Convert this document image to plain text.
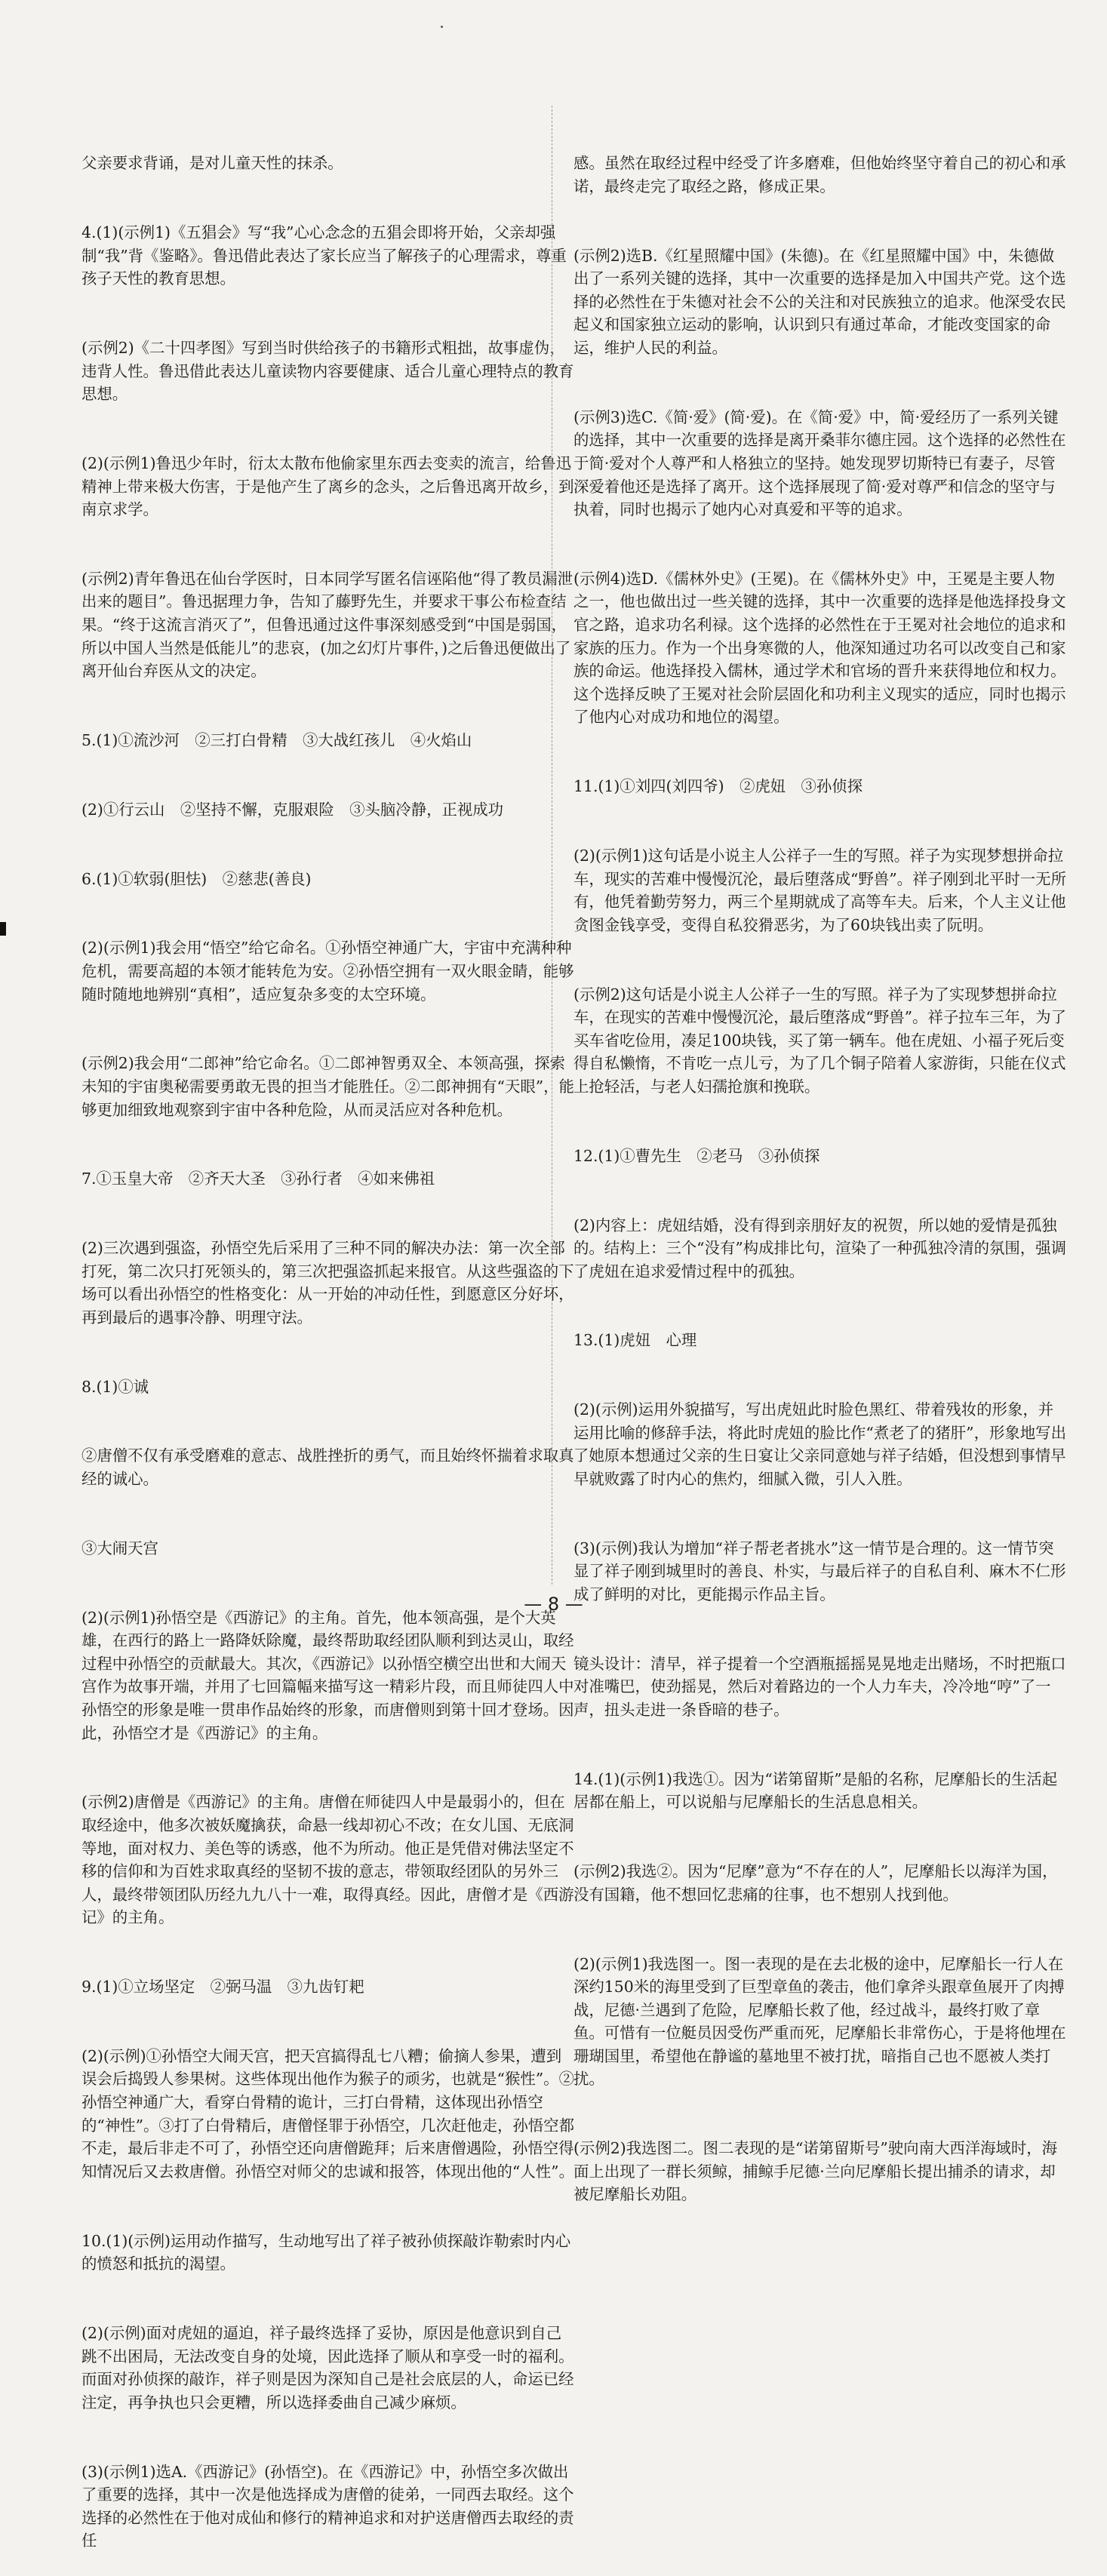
父亲要求背诵，是对儿童天性的抹杀。

4.(1)(示例1)《五猖会》写“我”心心念念的五猖会即将开始，父亲却强制“我”背《鉴略》。鲁迅借此表达了家长应当了解孩子的心理需求，尊重孩子天性的教育思想。

(示例2)《二十四孝图》写到当时供给孩子的书籍形式粗拙，故事虚伪，违背人性。鲁迅借此表达儿童读物内容要健康、适合儿童心理特点的教育思想。

(2)(示例1)鲁迅少年时，衍太太散布他偷家里东西去变卖的流言，给鲁迅精神上带来极大伤害，于是他产生了离乡的念头，之后鲁迅离开故乡，到南京求学。

(示例2)青年鲁迅在仙台学医时，日本同学写匿名信诬陷他“得了教员漏泄出来的题目”。鲁迅据理力争，告知了藤野先生，并要求干事公布检查结果。“终于这流言消灭了”，但鲁迅通过这件事深刻感受到“中国是弱国，所以中国人当然是低能儿”的悲哀，(加之幻灯片事件，)之后鲁迅便做出了离开仙台弃医从文的决定。

5.(1)①流沙河　②三打白骨精　③大战红孩儿　④火焰山

(2)①行云山　②坚持不懈，克服艰险　③头脑冷静，正视成功

6.(1)①软弱(胆怯)　②慈悲(善良)

(2)(示例1)我会用“悟空”给它命名。①孙悟空神通广大，宇宙中充满种种危机，需要高超的本领才能转危为安。②孙悟空拥有一双火眼金睛，能够随时随地地辨别“真相”，适应复杂多变的太空环境。

(示例2)我会用“二郎神”给它命名。①二郎神智勇双全、本领高强，探索未知的宇宙奥秘需要勇敢无畏的担当才能胜任。②二郎神拥有“天眼”，能够更加细致地观察到宇宙中各种危险，从而灵活应对各种危机。

7.①玉皇大帝　②齐天大圣　③孙行者　④如来佛祖

(2)三次遇到强盗，孙悟空先后采用了三种不同的解决办法：第一次全部打死，第二次只打死领头的，第三次把强盗抓起来报官。从这些强盗的下场可以看出孙悟空的性格变化：从一开始的冲动任性，到愿意区分好坏，再到最后的遇事冷静、明理守法。

8.(1)①诚

②唐僧不仅有承受磨难的意志、战胜挫折的勇气，而且始终怀揣着求取真经的诚心。

③大闹天宫

(2)(示例1)孙悟空是《西游记》的主角。首先，他本领高强，是个大英雄，在西行的路上一路降妖除魔，最终帮助取经团队顺利到达灵山，取经过程中孙悟空的贡献最大。其次，《西游记》以孙悟空横空出世和大闹天宫作为故事开端，并用了七回篇幅来描写这一精彩片段，而且师徒四人中孙悟空的形象是唯一贯串作品始终的形象，而唐僧则到第十回才登场。因此，孙悟空才是《西游记》的主角。

(示例2)唐僧是《西游记》的主角。唐僧在师徒四人中是最弱小的，但在取经途中，他多次被妖魔擒获，命悬一线却初心不改；在女儿国、无底洞等地，面对权力、美色等的诱惑，他不为所动。他正是凭借对佛法坚定不移的信仰和为百姓求取真经的坚韧不拔的意志，带领取经团队的另外三人，最终带领团队历经九九八十一难，取得真经。因此，唐僧才是《西游记》的主角。

9.(1)①立场坚定　②弼马温　③九齿钉耙

(2)(示例)①孙悟空大闹天宫，把天宫搞得乱七八糟；偷摘人参果，遭到误会后捣毁人参果树。这些体现出他作为猴子的顽劣，也就是“猴性”。②孙悟空神通广大，看穿白骨精的诡计，三打白骨精，这体现出孙悟空的“神性”。③打了白骨精后，唐僧怪罪于孙悟空，几次赶他走，孙悟空都不走，最后非走不可了，孙悟空还向唐僧跪拜；后来唐僧遇险，孙悟空得知情况后又去救唐僧。孙悟空对师父的忠诚和报答，体现出他的“人性”。

10.(1)(示例)运用动作描写，生动地写出了祥子被孙侦探敲诈勒索时内心的愤怒和抵抗的渴望。

(2)(示例)面对虎妞的逼迫，祥子最终选择了妥协，原因是他意识到自己跳不出困局，无法改变自身的处境，因此选择了顺从和享受一时的福利。而面对孙侦探的敲诈，祥子则是因为深知自己是社会底层的人，命运已经注定，再争执也只会更糟，所以选择委曲自己减少麻烦。

(3)(示例1)选A.《西游记》(孙悟空)。在《西游记》中，孙悟空多次做出了重要的选择，其中一次是他选择成为唐僧的徒弟，一同西去取经。这个选择的必然性在于他对成仙和修行的精神追求和对护送唐僧西去取经的责任

感。虽然在取经过程中经受了许多磨难，但他始终坚守着自己的初心和承诺，最终走完了取经之路，修成正果。

(示例2)选B.《红星照耀中国》(朱德)。在《红星照耀中国》中，朱德做出了一系列关键的选择，其中一次重要的选择是加入中国共产党。这个选择的必然性在于朱德对社会不公的关注和对民族独立的追求。他深受农民起义和国家独立运动的影响，认识到只有通过革命，才能改变国家的命运，维护人民的利益。

(示例3)选C.《简·爱》(简·爱)。在《简·爱》中，简·爱经历了一系列关键的选择，其中一次重要的选择是离开桑菲尔德庄园。这个选择的必然性在于简·爱对个人尊严和人格独立的坚持。她发现罗切斯特已有妻子，尽管深爱着他还是选择了离开。这个选择展现了简·爱对尊严和信念的坚守与执着，同时也揭示了她内心对真爱和平等的追求。

(示例4)选D.《儒林外史》(王冕)。在《儒林外史》中，王冕是主要人物之一，他也做出过一些关键的选择，其中一次重要的选择是他选择投身文官之路，追求功名利禄。这个选择的必然性在于王冕对社会地位的追求和家族的压力。作为一个出身寒微的人，他深知通过功名可以改变自己和家族的命运。他选择投入儒林，通过学术和官场的晋升来获得地位和权力。这个选择反映了王冕对社会阶层固化和功利主义现实的适应，同时也揭示了他内心对成功和地位的渴望。

11.(1)①刘四(刘四爷)　②虎妞　③孙侦探

(2)(示例1)这句话是小说主人公祥子一生的写照。祥子为实现梦想拼命拉车，现实的苦难中慢慢沉沦，最后堕落成“野兽”。祥子刚到北平时一无所有，他凭着勤劳努力，两三个星期就成了高等车夫。后来，个人主义让他贪图金钱享受，变得自私狡猾恶劣，为了60块钱出卖了阮明。

(示例2)这句话是小说主人公祥子一生的写照。祥子为了实现梦想拼命拉车，在现实的苦难中慢慢沉沦，最后堕落成“野兽”。祥子拉车三年，为了买车省吃俭用，凑足100块钱，买了第一辆车。他在虎妞、小福子死后变得自私懒惰，不肯吃一点儿亏，为了几个铜子陪着人家游街，只能在仪式上抢轻活，与老人妇孺抢旗和挽联。

12.(1)①曹先生　②老马　③孙侦探

(2)内容上：虎妞结婚，没有得到亲朋好友的祝贺，所以她的爱情是孤独的。结构上：三个“没有”构成排比句，渲染了一种孤独冷清的氛围，强调了虎妞在追求爱情过程中的孤独。

13.(1)虎妞　心理

(2)(示例)运用外貌描写，写出虎妞此时脸色黑红、带着残妆的形象，并运用比喻的修辞手法，将此时虎妞的脸比作“煮老了的猪肝”，形象地写出了她原本想通过父亲的生日宴让父亲同意她与祥子结婚，但没想到事情早早就败露了时内心的焦灼，细腻入微，引人入胜。

(3)(示例)我认为增加“祥子帮老者挑水”这一情节是合理的。这一情节突显了祥子刚到城里时的善良、朴实，与最后祥子的自私自利、麻木不仁形成了鲜明的对比，更能揭示作品主旨。

镜头设计：清早，祥子提着一个空酒瓶摇摇晃晃地走出赌场，不时把瓶口对准嘴巴，使劲摇晃，然后对着路边的一个人力车夫，冷冷地“哼”了一声，扭头走进一条昏暗的巷子。

14.(1)(示例1)我选①。因为“诺第留斯”是船的名称，尼摩船长的生活起居都在船上，可以说船与尼摩船长的生活息息相关。

(示例2)我选②。因为“尼摩”意为“不存在的人”，尼摩船长以海洋为国，没有国籍，他不想回忆悲痛的往事，也不想别人找到他。

(2)(示例1)我选图一。图一表现的是在去北极的途中，尼摩船长一行人在深约150米的海里受到了巨型章鱼的袭击，他们拿斧头跟章鱼展开了肉搏战，尼德·兰遇到了危险，尼摩船长救了他，经过战斗，最终打败了章鱼。可惜有一位艇员因受伤严重而死，尼摩船长非常伤心，于是将他埋在珊瑚国里，希望他在静谧的墓地里不被打扰，暗指自己也不愿被人类打扰。

(示例2)我选图二。图二表现的是“诺第留斯号”驶向南大西洋海域时，海面上出现了一群长须鲸，捕鲸手尼德·兰向尼摩船长提出捕杀的请求，却被尼摩船长劝阻。

— 8 —
